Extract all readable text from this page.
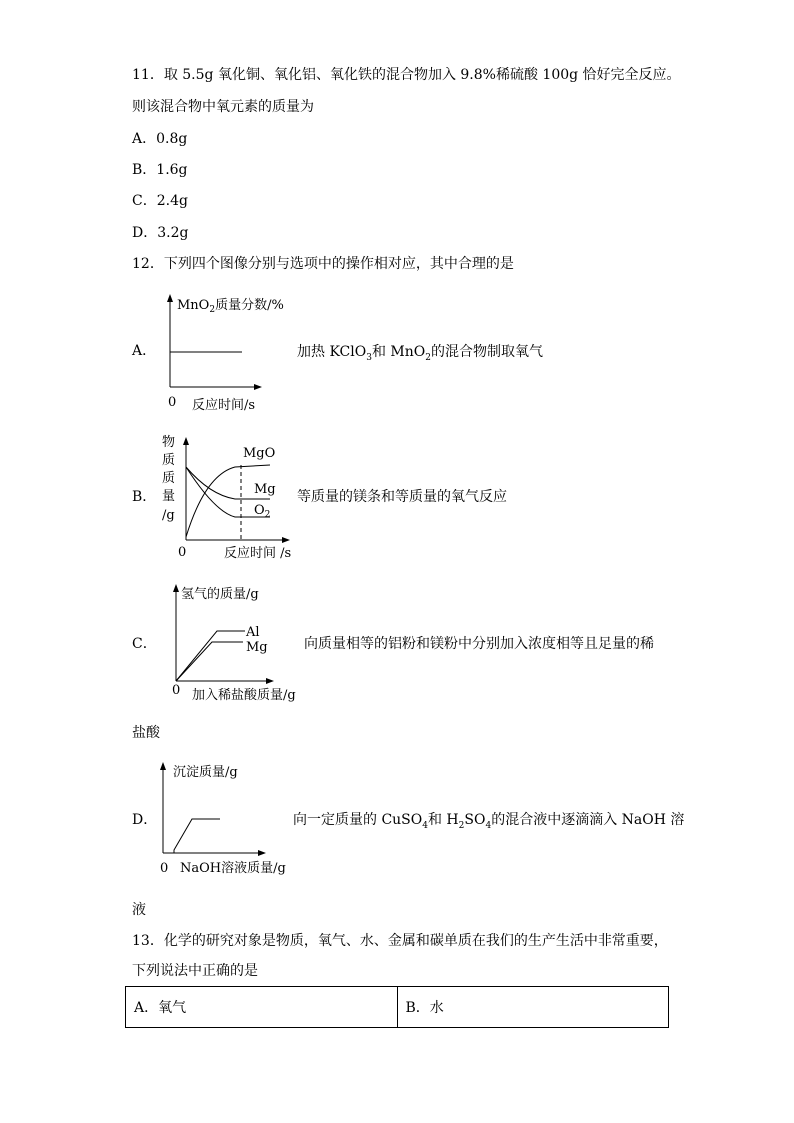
11．取 5.5g 氧化铜、氧化铝、氧化铁的混合物加入 9.8%稀硫酸 100g 恰好完全反应。
则该混合物中氧元素的质量为
A．0.8g
B．1.6g
C．2.4g
D．3.2g
12．下列四个图像分别与选项中的操作相对应，其中合理的是
A．
MnO$_2$质量分数/%
0 反应时间/s
MgO
Mg
$O_2$
物
质
质
量
/g
0	反应时间 /s
氢气的质量/g
Al
Mg
0 加入稀盐酸质量/g
沉淀质量/g
0 NaOH溶液质量/g
加热 KClO$_3$和 MnO$_2$的混合物制取氧气
B．	等质量的镁条和等质量的氧气反应
C．	向质量相等的铝粉和镁粉中分别加入浓度相等且足量的稀
盐酸
D．	向一定质量的 CuSO$_4$和 $H_2SO_4$的混合液中逐滴滴入 NaOH 溶
液
13．化学的研究对象是物质，氧气、水、金属和碳单质在我们的生产生活中非常重要，
下列说法中正确的是
A．氧气	B．水
